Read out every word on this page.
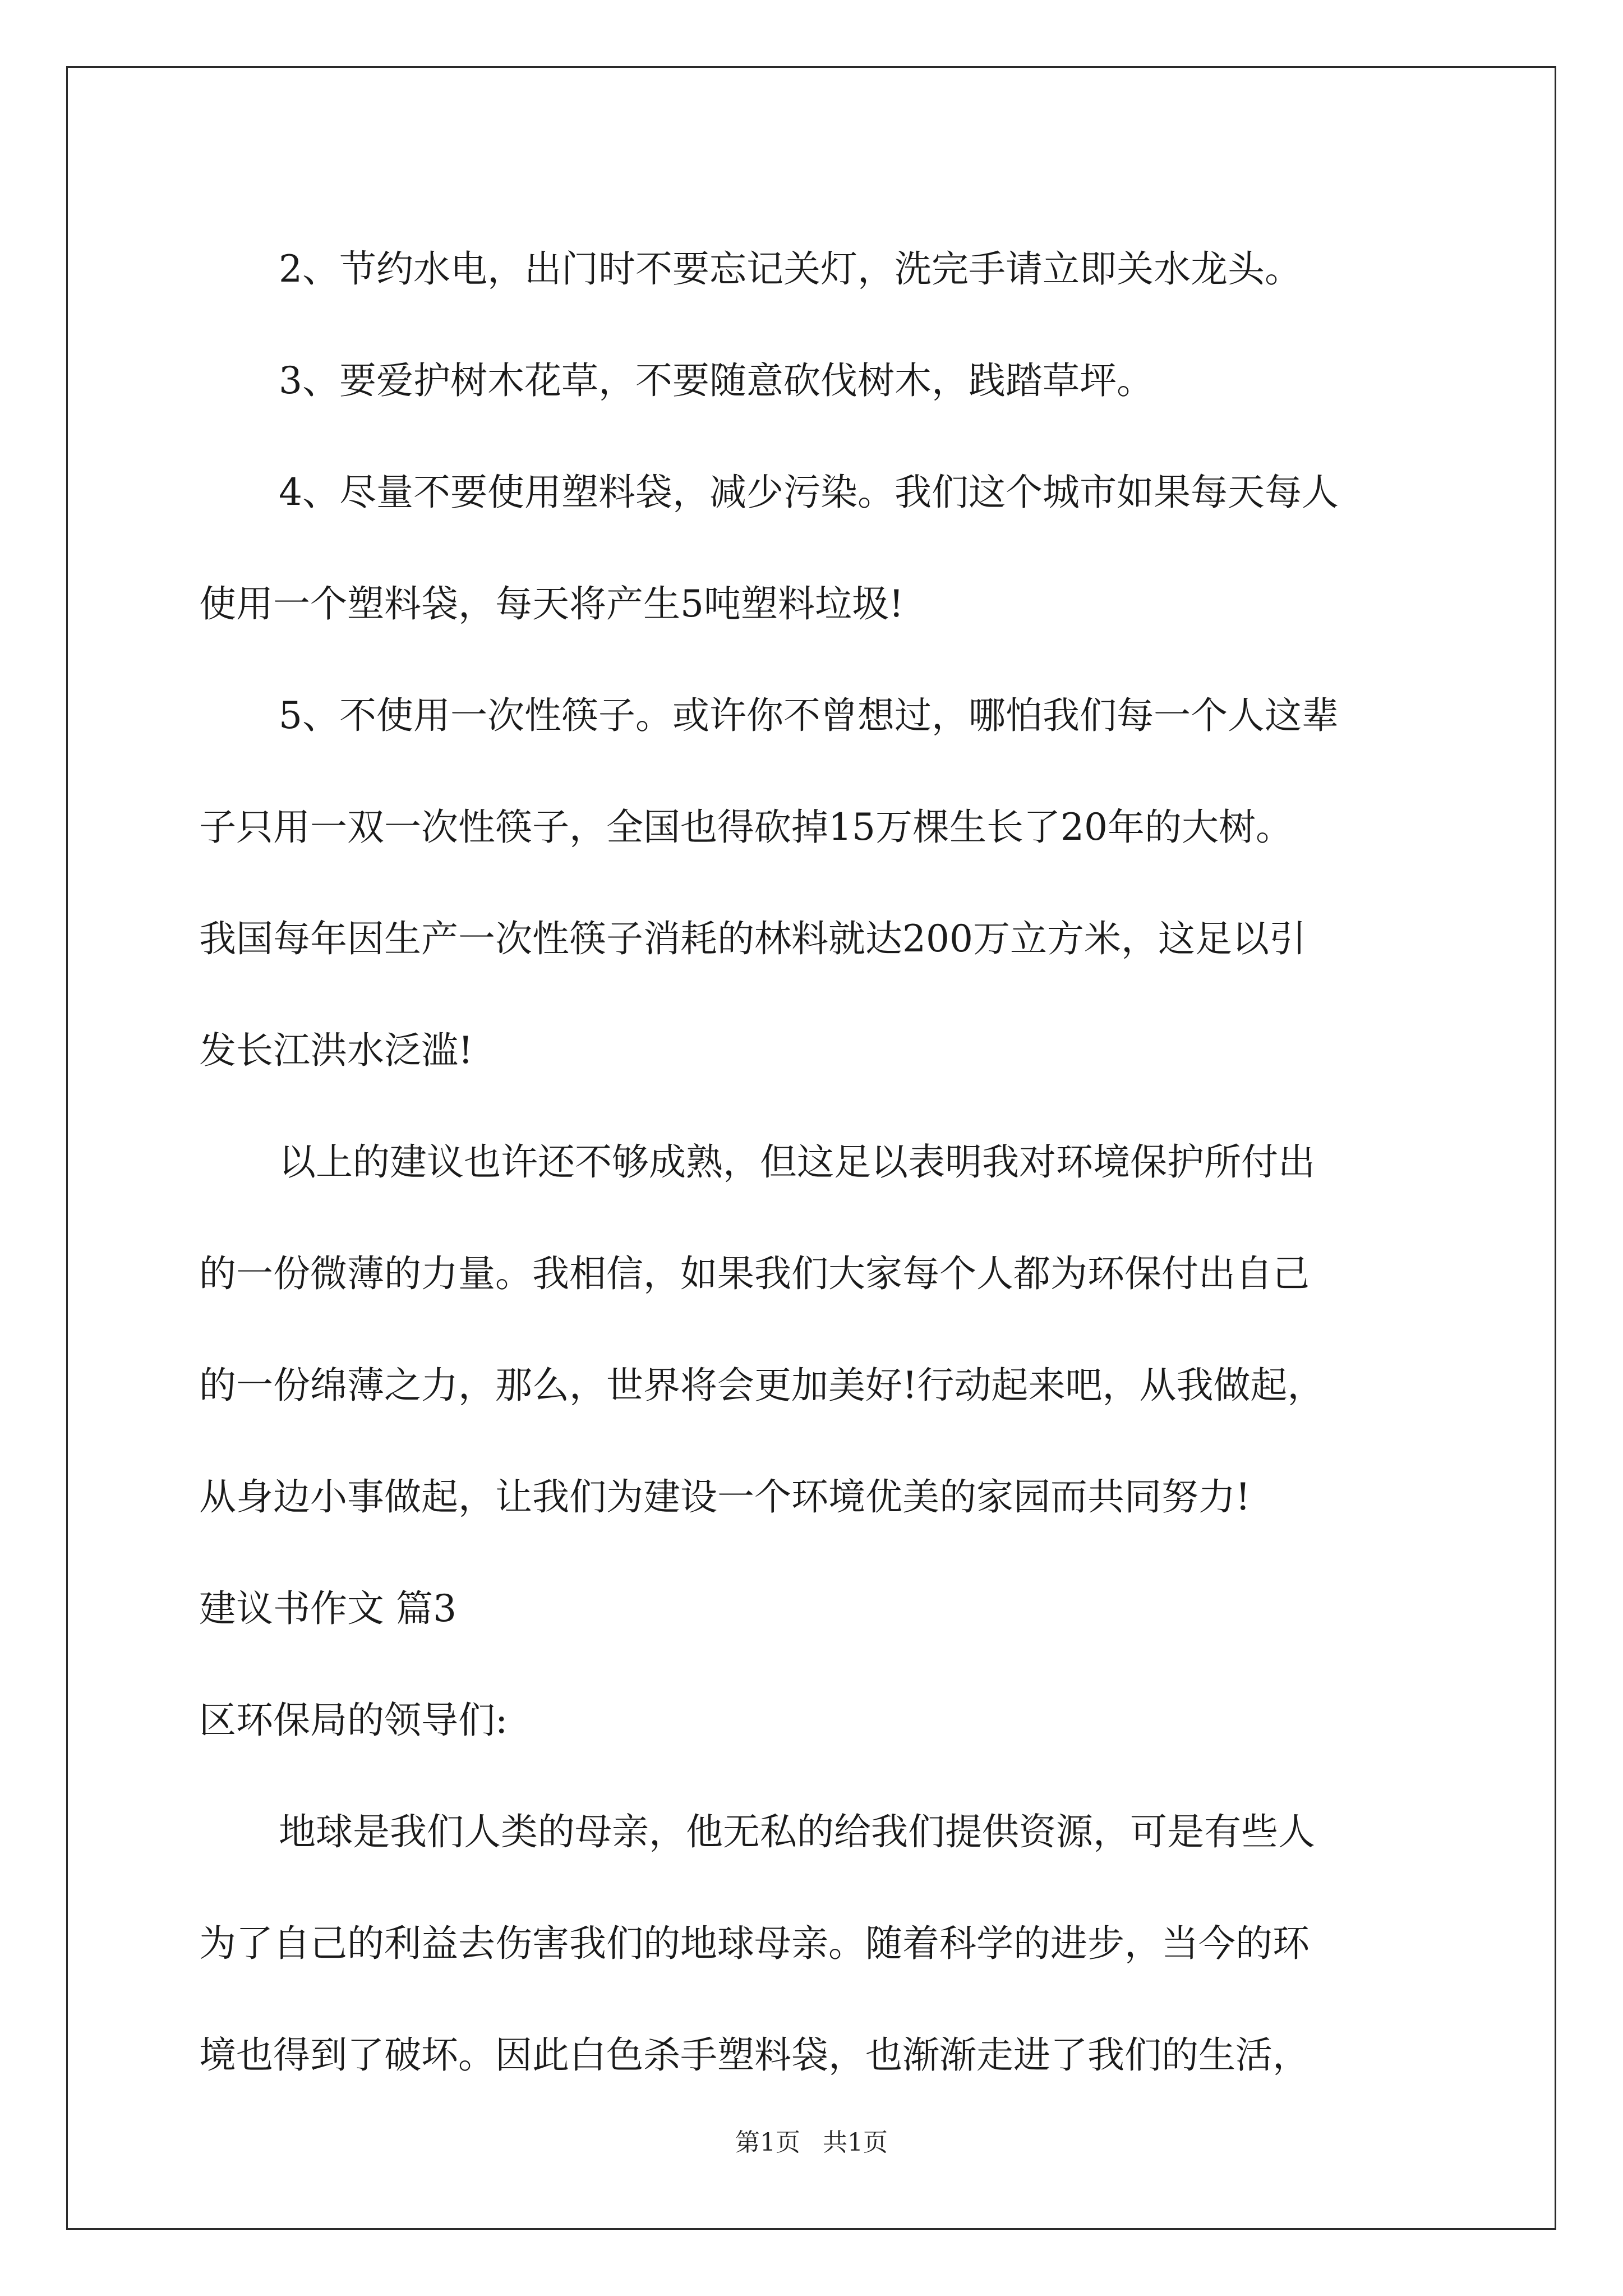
2、节约水电，出门时不要忘记关灯，洗完手请立即关水龙头。
3、要爱护树木花草，不要随意砍伐树木，践踏草坪。
4、尽量不要使用塑料袋，减少污染。我们这个城市如果每天每人
使用一个塑料袋，每天将产生5吨塑料垃圾!
5、不使用一次性筷子。或许你不曾想过，哪怕我们每一个人这辈
子只用一双一次性筷子，全国也得砍掉15万棵生长了20年的大树。
我国每年因生产一次性筷子消耗的林料就达200万立方米，这足以引
发长江洪水泛滥!
以上的建议也许还不够成熟，但这足以表明我对环境保护所付出
的一份微薄的力量。我相信，如果我们大家每个人都为环保付出自己
的一份绵薄之力，那么，世界将会更加美好!行动起来吧，从我做起，
从身边小事做起，让我们为建设一个环境优美的家园而共同努力!
建议书作文 篇3
区环保局的领导们:
地球是我们人类的母亲，他无私的给我们提供资源，可是有些人
为了自己的利益去伤害我们的地球母亲。随着科学的进步，当今的环
境也得到了破坏。因此白色杀手塑料袋，也渐渐走进了我们的生活，
第1页 共1页
